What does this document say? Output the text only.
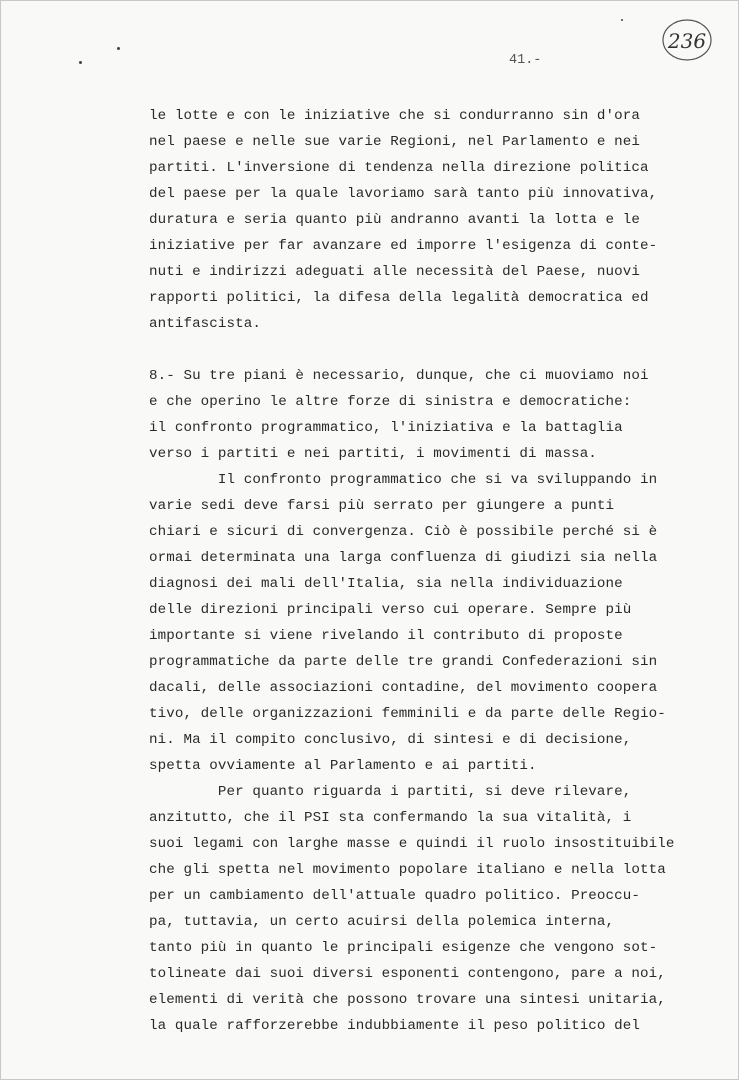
236
41.-
le lotte e con le iniziative che si condurranno sin d'ora
nel paese e nelle sue varie Regioni, nel Parlamento e nei
partiti. L'inversione di tendenza nella direzione politica
del paese per la quale lavoriamo sarà tanto più innovativa,
duratura e seria quanto più andranno avanti la lotta e le
iniziative per far avanzare ed imporre l'esigenza di conte-
nuti e indirizzi adeguati alle necessità del Paese, nuovi
rapporti politici, la difesa della legalità democratica ed
antifascista.
8.- Su tre piani è necessario, dunque, che ci muoviamo noi
e che operino le altre forze di sinistra e democratiche:
il confronto programmatico, l'iniziativa e la battaglia
verso i partiti e nei partiti, i movimenti di massa.
Il confronto programmatico che si va sviluppando in
varie sedi deve farsi più serrato per giungere a punti
chiari e sicuri di convergenza. Ciò è possibile perché si è
ormai determinata una larga confluenza di giudizi sia nella
diagnosi dei mali dell'Italia, sia nella individuazione
delle direzioni principali verso cui operare. Sempre più
importante si viene rivelando il contributo di proposte
programmatiche da parte delle tre grandi Confederazioni sin
dacali, delle associazioni contadine, del movimento coopera
tivo, delle organizzazioni femminili e da parte delle Regio-
ni. Ma il compito conclusivo, di sintesi e di decisione,
spetta ovviamente al Parlamento e ai partiti.
Per quanto riguarda i partiti, si deve rilevare,
anzitutto, che il PSI sta confermando la sua vitalità, i
suoi legami con larghe masse e quindi il ruolo insostituibile
che gli spetta nel movimento popolare italiano e nella lotta
per un cambiamento dell'attuale quadro politico. Preoccu-
pa, tuttavia, un certo acuirsi della polemica interna,
tanto più in quanto le principali esigenze che vengono sot-
tolineate dai suoi diversi esponenti contengono, pare a noi,
elementi di verità che possono trovare una sintesi unitaria,
la quale rafforzerebbe indubbiamente il peso politico del
